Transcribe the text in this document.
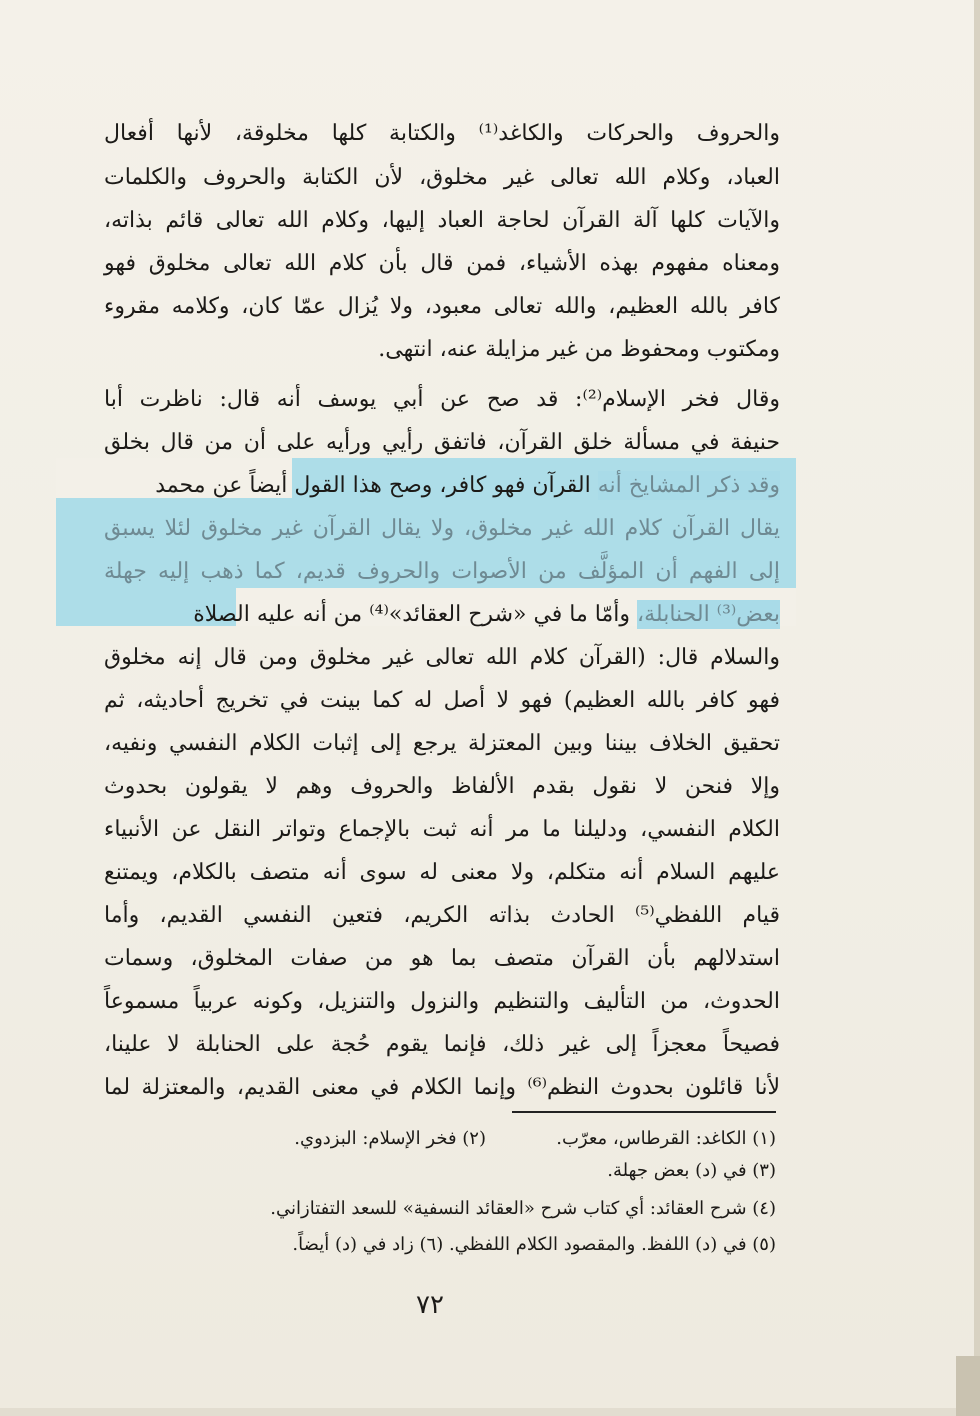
والحروف والحركات والكاغد⁽¹⁾ والكتابة كلها مخلوقة، لأنها أفعال
العباد، وكلام الله تعالى غير مخلوق، لأن الكتابة والحروف والكلمات
والآيات كلها آلة القرآن لحاجة العباد إليها، وكلام الله تعالى قائم بذاته،
ومعناه مفهوم بهذه الأشياء، فمن قال بأن كلام الله تعالى مخلوق فهو
كافر بالله العظيم، والله تعالى معبود، ولا يُزال عمّا كان، وكلامه مقروء
ومكتوب ومحفوظ من غير مزايلة عنه، انتهى.
وقال فخر الإسلام⁽²⁾: قد صح عن أبي يوسف أنه قال: ناظرت أبا
حنيفة في مسألة خلق القرآن، فاتفق رأيي ورأيه على أن من قال بخلق
وقد ذكر المشايخ أنه القرآن فهو كافر، وصح هذا القول أيضاً عن محمد
يقال القرآن كلام الله غير مخلوق، ولا يقال القرآن غير مخلوق لئلا يسبق
إلى الفهم أن المؤلَّف من الأصوات والحروف قديم، كما ذهب إليه جهلة
بعض⁽³⁾ الحنابلة، وأمّا ما في «شرح العقائد»⁽⁴⁾ من أنه عليه الصلاة
والسلام قال: (القرآن كلام الله تعالى غير مخلوق ومن قال إنه مخلوق
فهو كافر بالله العظيم) فهو لا أصل له كما بينت في تخريج أحاديثه، ثم
تحقيق الخلاف بيننا وبين المعتزلة يرجع إلى إثبات الكلام النفسي ونفيه،
وإلا فنحن لا نقول بقدم الألفاظ والحروف وهم لا يقولون بحدوث
الكلام النفسي، ودليلنا ما مر أنه ثبت بالإجماع وتواتر النقل عن الأنبياء
عليهم السلام أنه متكلم، ولا معنى له سوى أنه متصف بالكلام، ويمتنع
قيام اللفظي⁽⁵⁾ الحادث بذاته الكريم، فتعين النفسي القديم، وأما
استدلالهم بأن القرآن متصف بما هو من صفات المخلوق، وسمات
الحدوث، من التأليف والتنظيم والنزول والتنزيل، وكونه عربياً مسموعاً
فصيحاً معجزاً إلى غير ذلك، فإنما يقوم حُجة على الحنابلة لا علينا،
لأنا قائلون بحدوث النظم⁽⁶⁾ وإنما الكلام في معنى القديم، والمعتزلة لما
(١) الكاغد: القرطاس، معرّب.
(٢) فخر الإسلام: البزدوي.
(٣) في (د) بعض جهلة.
(٤) شرح العقائد: أي كتاب شرح «العقائد النسفية» للسعد التفتازاني.
(٥) في (د) اللفظ. والمقصود الكلام اللفظي. (٦) زاد في (د) أيضاً.
٧٢
